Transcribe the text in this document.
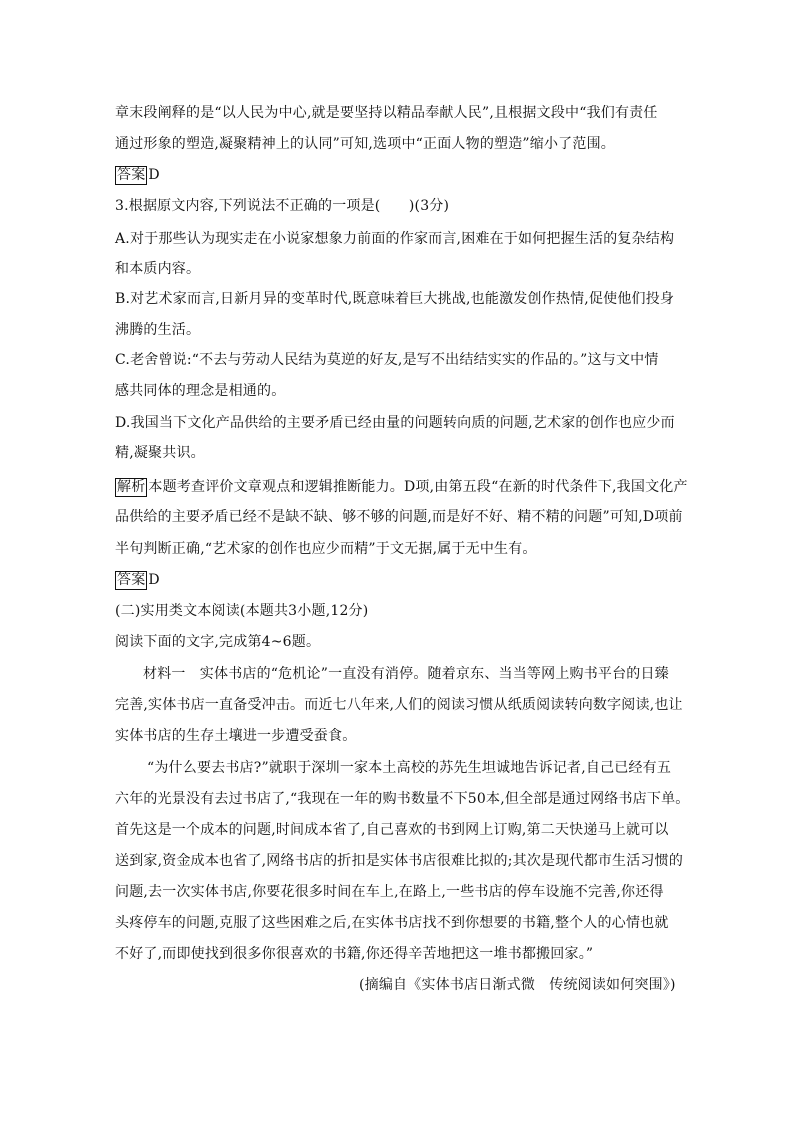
章末段阐释的是“以人民为中心,就是要坚持以精品奉献人民”,且根据文段中“我们有责任
通过形象的塑造,凝聚精神上的认同”可知,选项中“正面人物的塑造”缩小了范围。
答案 D
3.根据原文内容,下列说法不正确的一项是(　　)(3分)
A.对于那些认为现实走在小说家想象力前面的作家而言,困难在于如何把握生活的复杂结构
和本质内容。
B.对艺术家而言,日新月异的变革时代,既意味着巨大挑战,也能激发创作热情,促使他们投身
沸腾的生活。
C.老舍曾说:“不去与劳动人民结为莫逆的好友,是写不出结结实实的作品的。”这与文中情
感共同体的理念是相通的。
D.我国当下文化产品供给的主要矛盾已经由量的问题转向质的问题,艺术家的创作也应少而
精,凝聚共识。
解析 本题考查评价文章观点和逻辑推断能力。D项,由第五段“在新的时代条件下,我国文化产
品供给的主要矛盾已经不是缺不缺、够不够的问题,而是好不好、精不精的问题”可知,D项前
半句判断正确,“艺术家的创作也应少而精”于文无据,属于无中生有。
答案 D
(二)实用类文本阅读(本题共3小题,12分)
阅读下面的文字,完成第4~6题。
材料一　实体书店的“危机论”一直没有消停。随着京东、当当等网上购书平台的日臻
完善,实体书店一直备受冲击。而近七八年来,人们的阅读习惯从纸质阅读转向数字阅读,也让
实体书店的生存土壤进一步遭受蚕食。
“为什么要去书店?”就职于深圳一家本土高校的苏先生坦诚地告诉记者,自己已经有五
六年的光景没有去过书店了,“我现在一年的购书数量不下50本,但全部是通过网络书店下单。
首先这是一个成本的问题,时间成本省了,自己喜欢的书到网上订购,第二天快递马上就可以
送到家,资金成本也省了,网络书店的折扣是实体书店很难比拟的;其次是现代都市生活习惯的
问题,去一次实体书店,你要花很多时间在车上,在路上,一些书店的停车设施不完善,你还得
头疼停车的问题,克服了这些困难之后,在实体书店找不到你想要的书籍,整个人的心情也就
不好了,而即使找到很多你很喜欢的书籍,你还得辛苦地把这一堆书都搬回家。”
(摘编自《实体书店日渐式微　传统阅读如何突围》)
